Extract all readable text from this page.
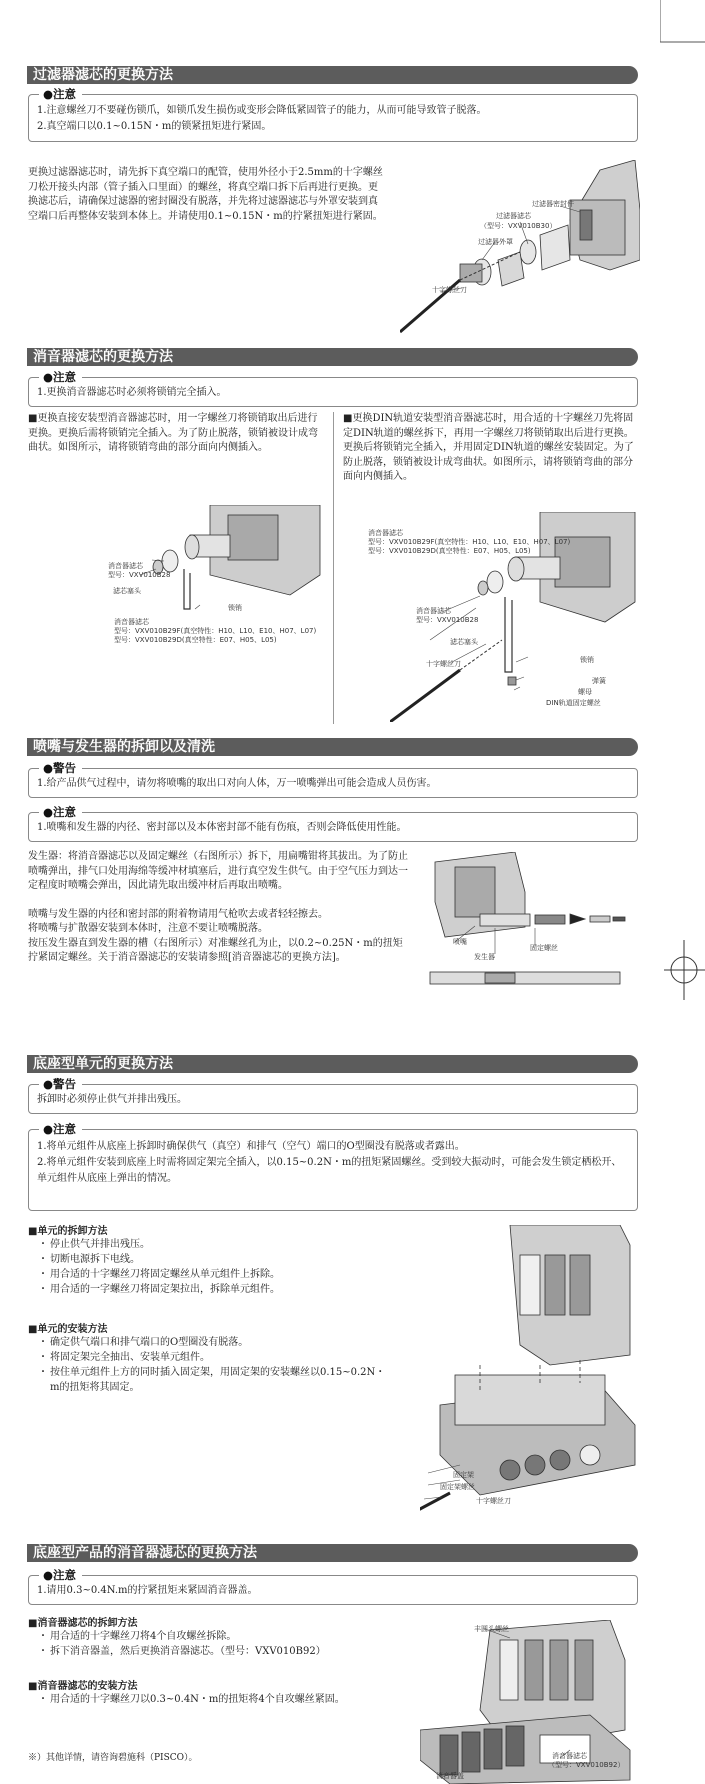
过滤器滤芯的更换方法
●注意

1.注意螺丝刀不要碰伤锁爪，如锁爪发生损伤或变形会降低紧固管子的能力，从而可能导致管子脱落。

2.真空端口以0.1~0.15N・m的锁紧扭矩进行紧固。

更换过滤器滤芯时，请先拆下真空端口的配管，使用外径小于2.5mm的十字螺丝刀松开接头内部（管子插入口里面）的螺丝，将真空端口拆下后再进行更换。更换滤芯后，请确保过滤器的密封圈没有脱落，并先将过滤器滤芯与外罩安装到真空端口后再整体安装到本体上。并请使用0.1~0.15N・m的拧紧扭矩进行紧固。
过滤器密封件
过滤器滤芯
（型号：VXV010B30）
过滤器外罩
十字螺丝刀
消音器滤芯的更换方法
●注意

1.更换消音器滤芯时必须将锁销完全插入。

■更换直接安装型消音器滤芯时，用一字螺丝刀将锁销取出后进行更换。更换后需将锁销完全插入。为了防止脱落，锁销被设计成弯曲状。如图所示，请将锁销弯曲的部分面向内侧插入。
■更换DIN轨道安装型消音器滤芯时，用合适的十字螺丝刀先将固定DIN轨道的螺丝拆下，再用一字螺丝刀将锁销取出后进行更换。更换后将锁销完全插入，并用固定DIN轨道的螺丝安装固定。为了防止脱落，锁销被设计成弯曲状。如图所示，请将锁销弯曲的部分面向内侧插入。
消音器滤芯
型号：VXV010B28
滤芯塞头
锁销
消音器滤芯
型号：VXV010B29F(真空特性：H10、L10、E10、H07、L07)
型号：VXV010B29D(真空特性：E07、H05、L05)
消音器滤芯
型号：VXV010B29F(真空特性：H10、L10、E10、H07、L07)
型号：VXV010B29D(真空特性：E07、H05、L05)
消音器滤芯
型号：VXV010B28
滤芯塞头
十字螺丝刀	锁销
弹簧
螺母
DIN轨道固定螺丝
喷嘴与发生器的拆卸以及清洗
●警告

1.给产品供气过程中，请勿将喷嘴的取出口对向人体，万一喷嘴弹出可能会造成人员伤害。

●注意

1.喷嘴和发生器的内径、密封部以及本体密封部不能有伤痕，否则会降低使用性能。

发生器：将消音器滤芯以及固定螺丝（右图所示）拆下，用扁嘴钳将其拔出。为了防止喷嘴弹出，排气口处用海绵等缓冲材填塞后，进行真空发生供气。由于空气压力到达一定程度时喷嘴会弹出，因此请先取出缓冲材后再取出喷嘴。

喷嘴与发生器的内径和密封部的附着物请用气枪吹去或者轻轻擦去。

将喷嘴与扩散器安装到本体时，注意不要让喷嘴脱落。

按压发生器直到发生器的槽（右图所示）对准螺丝孔为止，以0.2~0.25N・m的扭矩拧紧固定螺丝。关于消音器滤芯的安装请参照[消音器滤芯的更换方法]。

喷嘴
固定螺丝
发生器
底座型单元的更换方法
●警告

拆卸时必须停止供气并排出残压。

●注意

1.将单元组件从底座上拆卸时确保供气（真空）和排气（空气）端口的O型圈没有脱落或者露出。

2.将单元组件安装到底座上时需将固定架完全插入，以0.15~0.2N・m的扭矩紧固螺丝。受到较大振动时，可能会发生锁定栖松开、单元组件从底座上弹出的情况。

■单元的拆卸方法
・ 停止供气并排出残压。
・ 切断电源拆下电线。
・ 用合适的十字螺丝刀将固定螺丝从单元组件上拆除。
・ 用合适的一字螺丝刀将固定架拉出，拆除单元组件。
■单元的安装方法
・ 确定供气端口和排气端口的O型圈没有脱落。
・ 将固定架完全抽出、安装单元组件。
・ 按住单元组件上方的同时插入固定架，用固定架的安装螺丝以0.15~0.2N・m的扭矩将其固定。
固定架
固定架螺丝
十字螺丝刀
底座型产品的消音器滤芯的更换方法
●注意

1.请用0.3~0.4N.m的拧紧扭矩来紧固消音器盖。

■消音器滤芯的拆卸方法
・ 用合适的十字螺丝刀将4个自攻螺丝拆除。
・ 拆下消音器盖，然后更换消音器滤芯。（型号：VXV010B92）
■消音器滤芯的安装方法
・ 用合适的十字螺丝刀以0.3~0.4N・m的扭矩将4个自攻螺丝紧固。
※）其他详情，请咨询碧施科（PISCO）。
丰圆头螺丝
消音器滤芯
（型号：VXV010B92）
消音器盖
